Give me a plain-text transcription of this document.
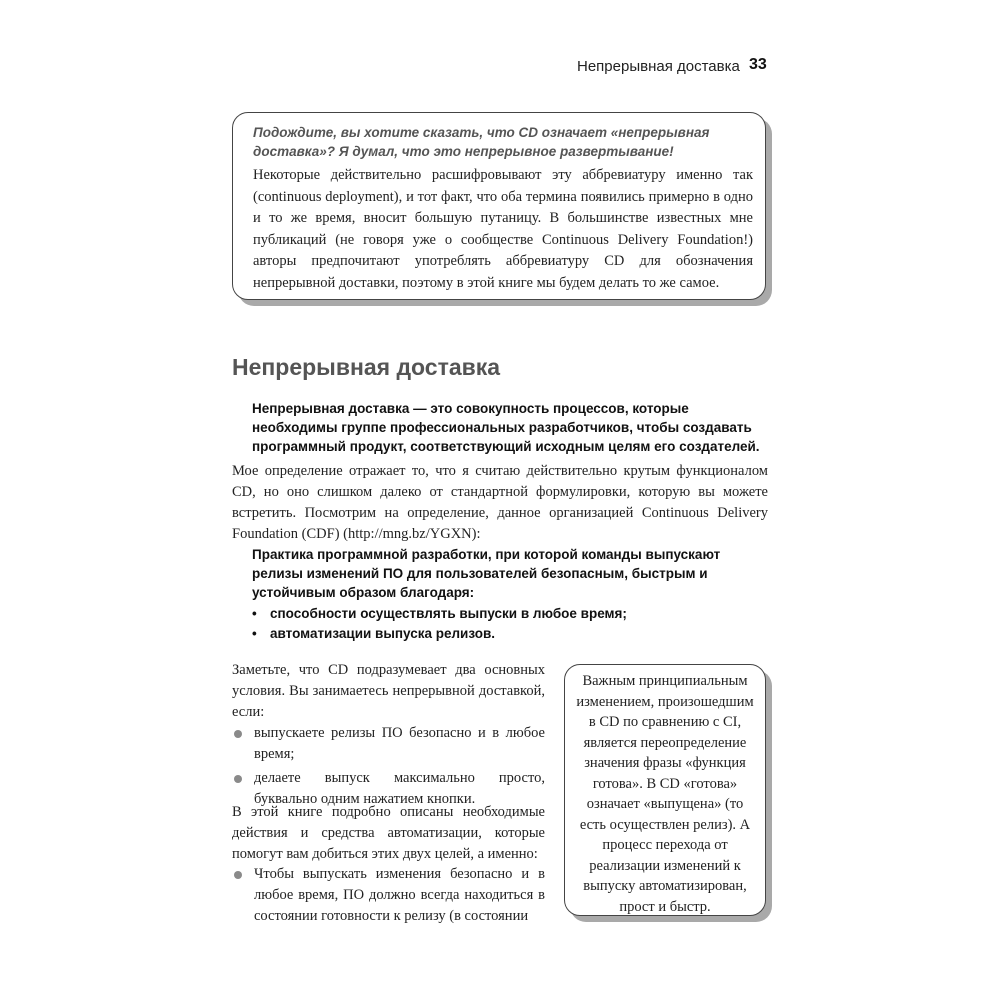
Непрерывная доставка 33
Подождите, вы хотите сказать, что CD означает «непрерывная доставка»? Я думал, что это непрерывное развертывание!
Некоторые действительно расшифровывают эту аббревиатуру именно так (continuous deployment), и тот факт, что оба термина появились примерно в одно и то же время, вносит большую путаницу. В большинстве известных мне публикаций (не говоря уже о сообществе Continuous Delivery Foundation!) авторы предпочитают употреблять аббревиатуру CD для обозначения непрерывной доставки, поэтому в этой книге мы будем делать то же самое.
Непрерывная доставка
Непрерывная доставка — это совокупность процессов, которые необходимы группе профессиональных разработчиков, чтобы создавать программный продукт, соответствующий исходным целям его создателей.
Мое определение отражает то, что я считаю действительно крутым функционалом CD, но оно слишком далеко от стандартной формулировки, которую вы можете встретить. Посмотрим на определение, данное организацией Continuous Delivery Foundation (CDF) (http://mng.bz/YGXN):
Практика программной разработки, при которой команды выпускают релизы изменений ПО для пользователей безопасным, быстрым и устойчивым образом благодаря:
• способности осуществлять выпуски в любое время;
• автоматизации выпуска релизов.
Заметьте, что CD подразумевает два основных условия. Вы занимаетесь непрерывной доставкой, если:
выпускаете релизы ПО безопасно и в любое время;
делаете выпуск максимально просто, буквально одним нажатием кнопки.
В этой книге подробно описаны необходимые действия и средства автоматизации, которые помогут вам добиться этих двух целей, а именно:
Чтобы выпускать изменения безопасно и в любое время, ПО должно всегда находиться в состоянии готовности к релизу (в состоянии
Важным принципиальным изменением, произошедшим в CD по сравнению с CI, является переопределение значения фразы «функция готова». В CD «готова» означает «выпущена» (то есть осуществлен релиз). А процесс перехода от реализации изменений к выпуску автоматизирован, прост и быстр.
